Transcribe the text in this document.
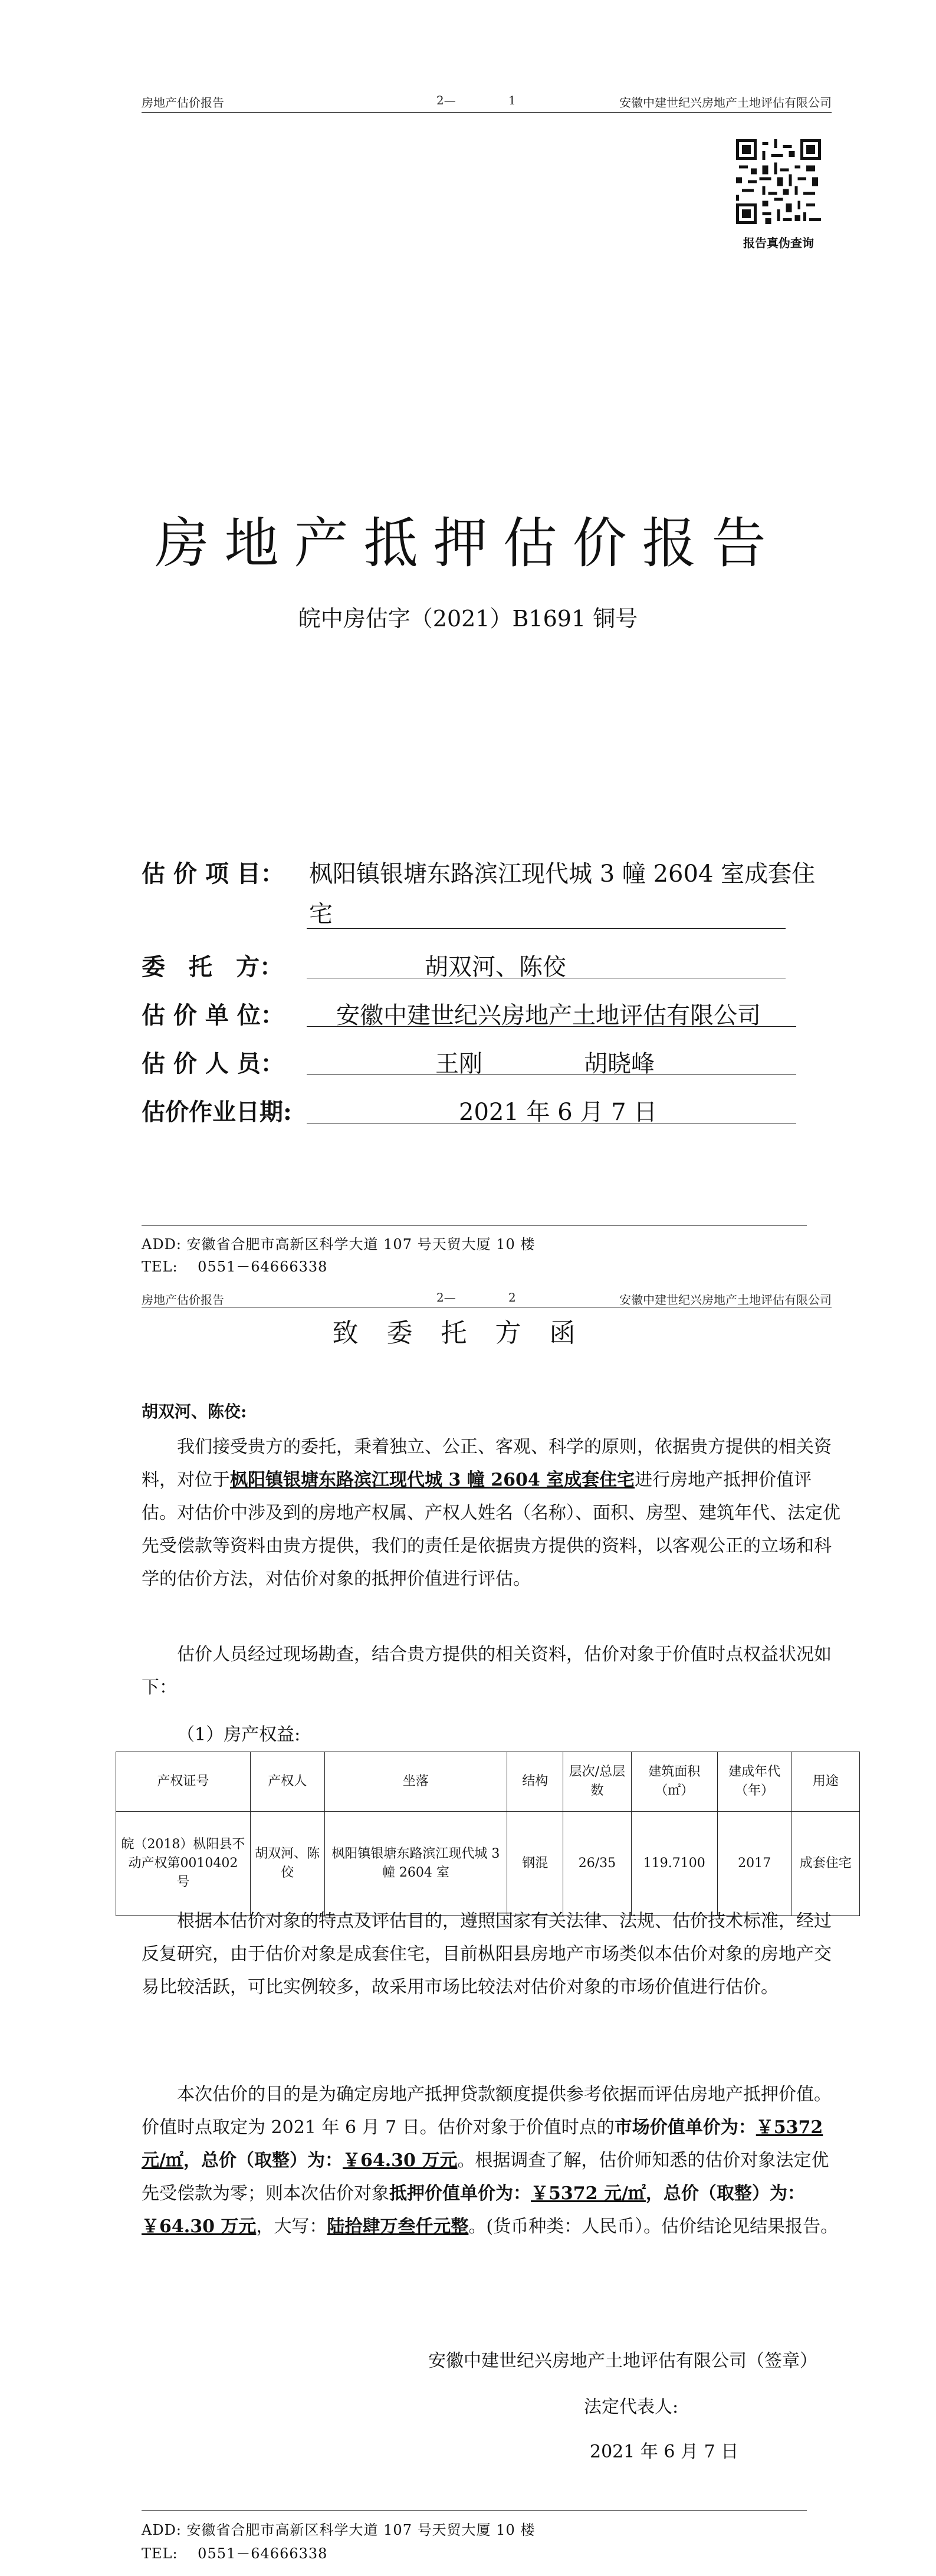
房地产估价报告	2—	1	安徽中建世纪兴房地产土地评估有限公司
报告真伪查询
房地产抵押估价报告
皖中房估字（2021）B1691 铜号
估 价 项 目： 枫阳镇银塘东路滨江现代城 3 幢 2604 室成套住
宅
委　托　方：	胡双河、陈佼
估 价 单 位： 安徽中建世纪兴房地产土地评估有限公司
估 价 人 员：	王刚	胡晓峰
估价作业日期:	2021 年 6 月 7 日
ADD: 安徽省合肥市高新区科学大道 107 号天贸大厦 10 楼
TEL:　 0551－64666338
房地产估价报告	2—	2	安徽中建世纪兴房地产土地评估有限公司
致委托方函
胡双河、陈佼:
我们接受贵方的委托，秉着独立、公正、客观、科学的原则，依据贵方提供的相关资料，对位于枫阳镇银塘东路滨江现代城 3 幢 2604 室成套住宅进行房地产抵押价值评估。对估价中涉及到的房地产权属、产权人姓名（名称）、面积、房型、建筑年代、法定优先受偿款等资料由贵方提供，我们的责任是依据贵方提供的资料，以客观公正的立场和科学的估价方法，对估价对象的抵押价值进行评估。
估价人员经过现场勘查，结合贵方提供的相关资料，估价对象于价值时点权益状况如下：
（1）房产权益:
产权证号	产权人	坐落	结构	层次/总层数	建筑面积（㎡）	建成年代（年）	用途
皖（2018）枞阳县不动产权第0010402 号	胡双河、陈佼	枫阳镇银塘东路滨江现代城 3 幢 2604 室	钢混	26/35	119.7100	2017	成套住宅
根据本估价对象的特点及评估目的，遵照国家有关法律、法规、估价技术标准，经过反复研究，由于估价对象是成套住宅，目前枞阳县房地产市场类似本估价对象的房地产交易比较活跃，可比实例较多，故采用市场比较法对估价对象的市场价值进行估价。
本次估价的目的是为确定房地产抵押贷款额度提供参考依据而评估房地产抵押价值。价值时点取定为 2021 年 6 月 7 日。估价对象于价值时点的市场价值单价为：￥5372 元/㎡，总价（取整）为：￥64.30 万元。根据调查了解，估价师知悉的估价对象法定优先受偿款为零；则本次估价对象抵押价值单价为：￥5372 元/㎡，总价（取整）为：￥64.30 万元，大写：陆拾肆万叁仟元整。(货币种类：人民币）。估价结论见结果报告。
安徽中建世纪兴房地产土地评估有限公司（签章）
法定代表人:
2021 年 6 月 7 日
ADD: 安徽省合肥市高新区科学大道 107 号天贸大厦 10 楼
TEL:　 0551－64666338
